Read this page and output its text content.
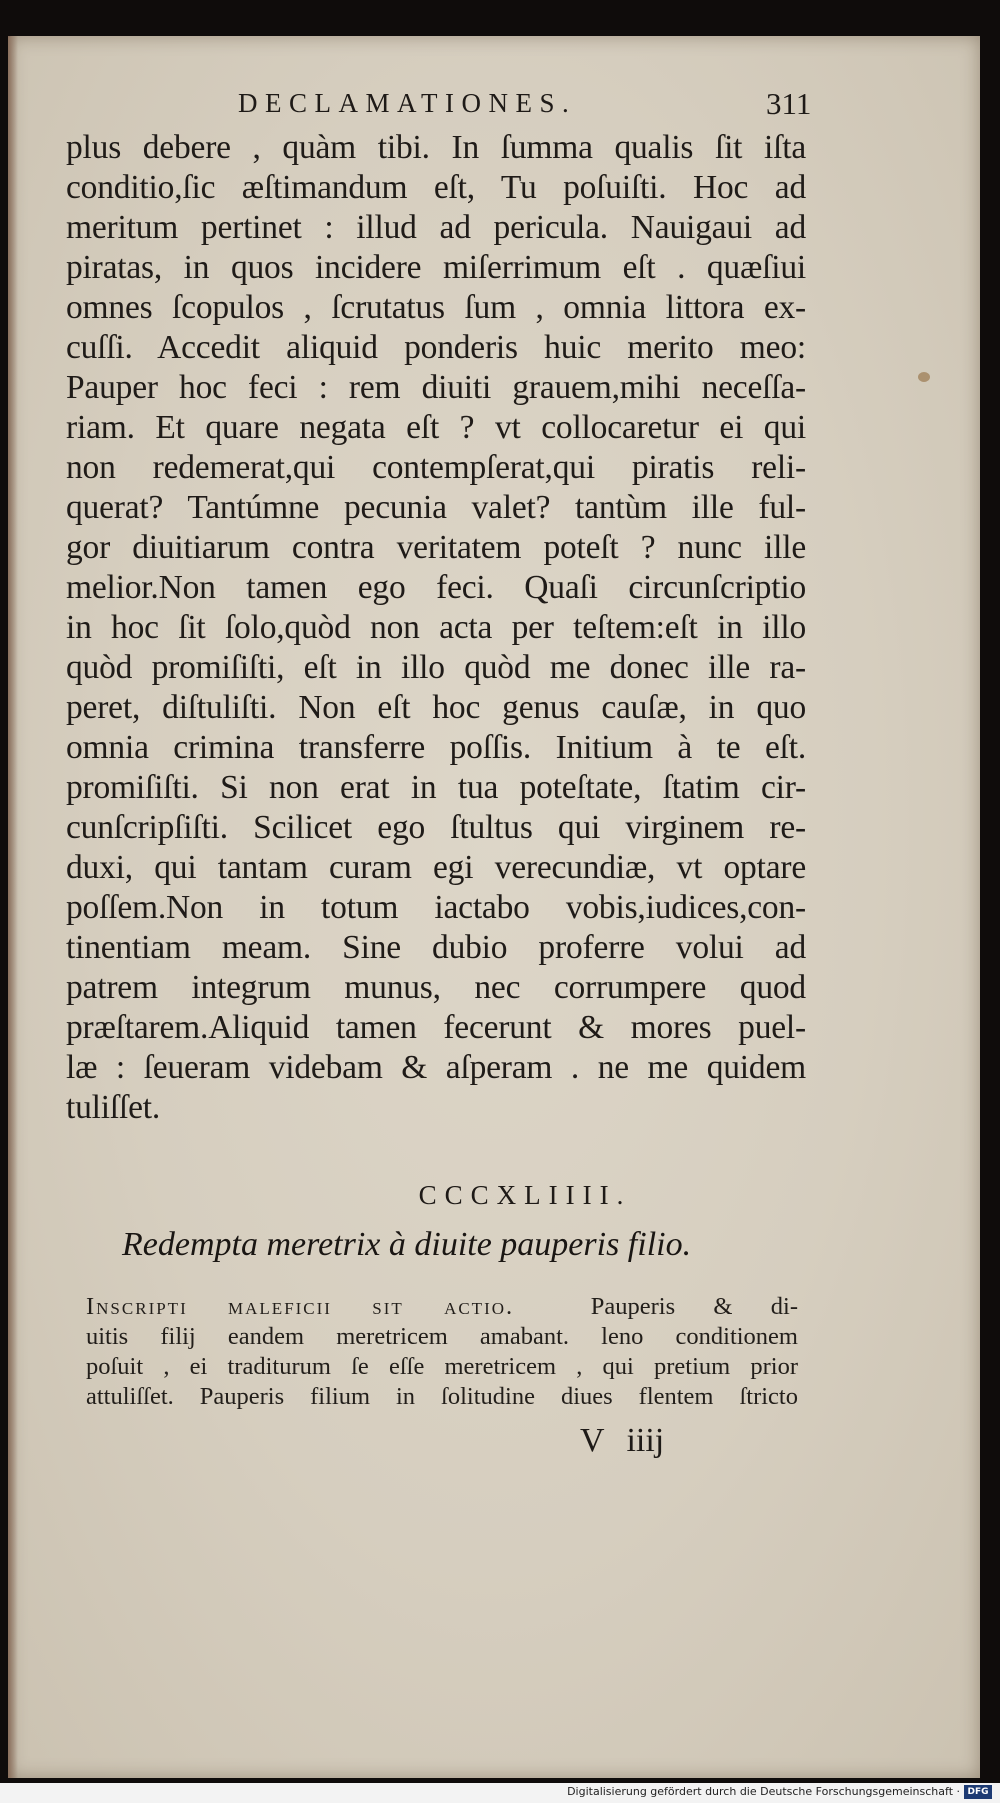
DECLAMATIONES.	311
plus debere , quàm tibi. In ſumma qualis ſit iſta
conditio,ſic æſtimandum eſt, Tu poſuiſti. Hoc ad
meritum pertinet : illud ad pericula. Nauigaui ad
piratas, in quos incidere miſerrimum eſt . quæſiui
omnes ſcopulos , ſcrutatus ſum , omnia littora ex-
cuſſi. Accedit aliquid ponderis huic merito meo:
Pauper hoc feci : rem diuiti grauem,mihi neceſſa-
riam. Et quare negata eſt ? vt collocaretur ei qui
non redemerat,qui contempſerat,qui piratis reli-
querat? Tantúmne pecunia valet? tantùm ille ful-
gor diuitiarum contra veritatem poteſt ? nunc ille
melior.Non tamen ego feci. Quaſi circunſcriptio
in hoc ſit ſolo,quòd non acta per teſtem:eſt in illo
quòd promiſiſti, eſt in illo quòd me donec ille ra-
peret, diſtuliſti. Non eſt hoc genus cauſæ, in quo
omnia crimina transferre poſſis. Initium à te eſt.
promiſiſti. Si non erat in tua poteſtate, ſtatim cir-
cunſcripſiſti. Scilicet ego ſtultus qui virginem re-
duxi, qui tantam curam egi verecundiæ, vt optare
poſſem.Non in totum iactabo vobis,iudices,con-
tinentiam meam. Sine dubio proferre volui ad
patrem integrum munus, nec corrumpere quod
præſtarem.Aliquid tamen fecerunt & mores puel-
læ : ſeueram videbam & aſperam . ne me quidem
tuliſſet.
CCCXLIIII.
Redempta meretrix à diuite pauperis filio.
Inscripti maleficii sit actio.	Pauperis & di-
uitis filij eandem meretricem amabant. leno conditionem
poſuit , ei traditurum ſe eſſe meretricem , qui pretium prior
attuliſſet. Pauperis filium in ſolitudine diues flentem ſtricto
V iiij
Digitalisierung gefördert durch die Deutsche Forschungsgemeinschaft · DFG
